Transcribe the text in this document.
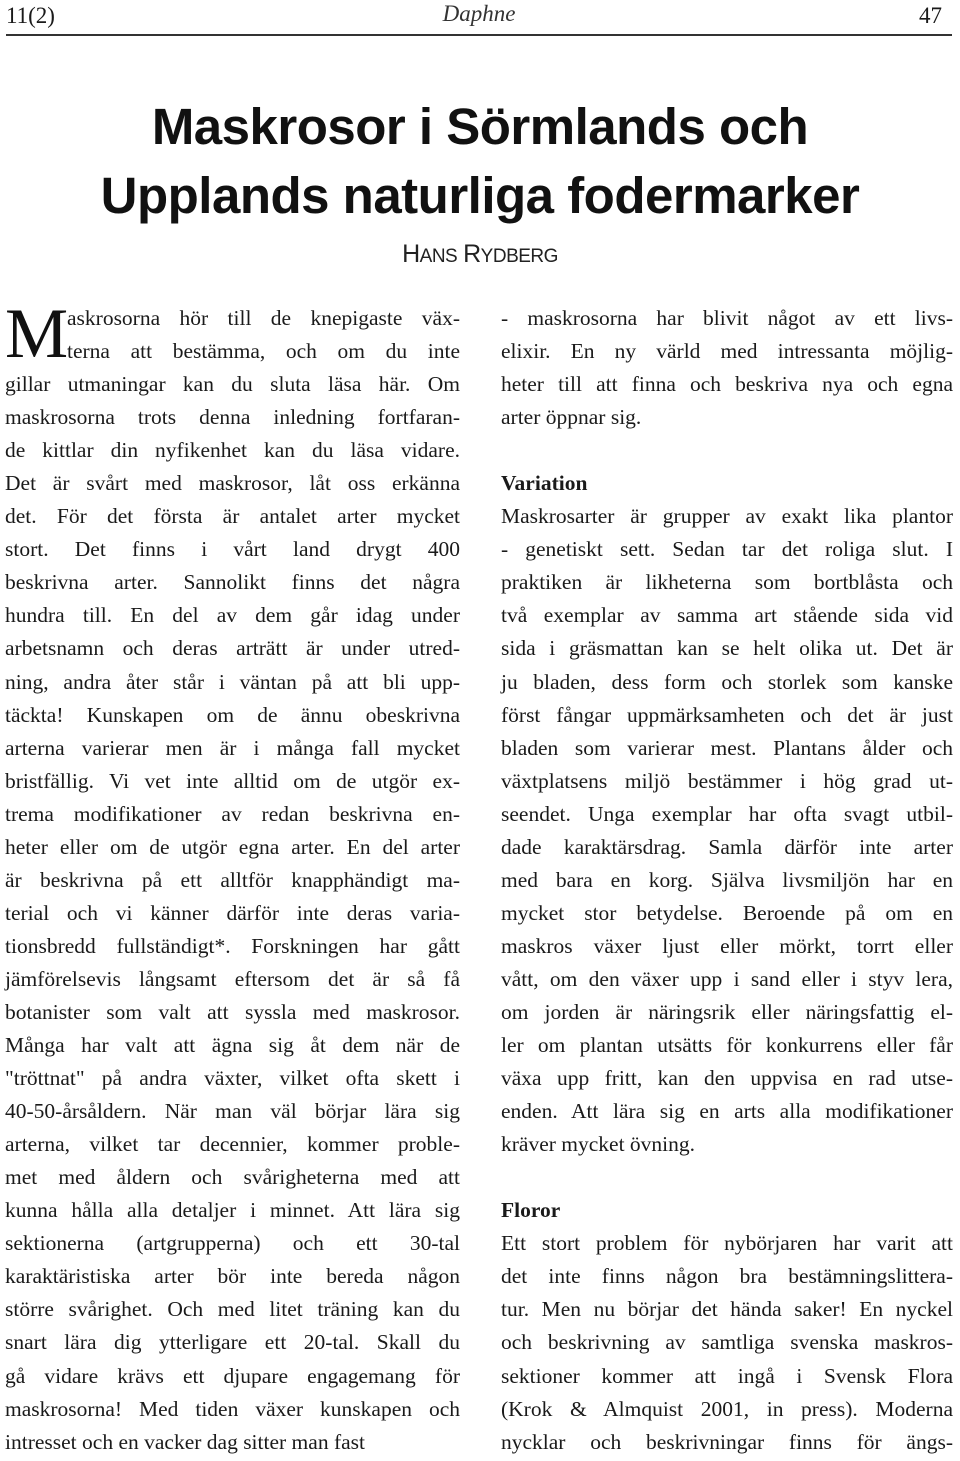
11(2)	Daphne	47
Maskrosor i Sörmlands och
Upplands naturliga fodermarker
HANS RYDBERG
M
askrosorna hör till de knepigaste väx-
terna att bestämma, och om du inte
gillar utmaningar kan du sluta läsa här. Om
maskrosorna trots denna inledning fortfaran-
de kittlar din nyfikenhet kan du läsa vidare.
Det är svårt med maskrosor, låt oss erkänna
det. För det första är antalet arter mycket
stort. Det finns i vårt land drygt 400
beskrivna arter. Sannolikt finns det några
hundra till. En del av dem går idag under
arbetsnamn och deras arträtt är under utred-
ning, andra åter står i väntan på att bli upp-
täckta! Kunskapen om de ännu obeskrivna
arterna varierar men är i många fall mycket
bristfällig. Vi vet inte alltid om de utgör ex-
trema modifikationer av redan beskrivna en-
heter eller om de utgör egna arter. En del arter
är beskrivna på ett alltför knapphändigt ma-
terial och vi känner därför inte deras varia-
tionsbredd fullständigt*. Forskningen har gått
jämförelsevis långsamt eftersom det är så få
botanister som valt att syssla med maskrosor.
Många har valt att ägna sig åt dem när de
"tröttnat" på andra växter, vilket ofta skett i
40-50-årsåldern. När man väl börjar lära sig
arterna, vilket tar decennier, kommer proble-
met med åldern och svårigheterna med att
kunna hålla alla detaljer i minnet. Att lära sig
sektionerna (artgrupperna) och ett 30-tal
karaktäristiska arter bör inte bereda någon
större svårighet. Och med litet träning kan du
snart lära dig ytterligare ett 20-tal. Skall du
gå vidare krävs ett djupare engagemang för
maskrosorna! Med tiden växer kunskapen och
intresset och en vacker dag sitter man fast
- maskrosorna har blivit något av ett livs-
elixir. En ny värld med intressanta möjlig-
heter till att finna och beskriva nya och egna
arter öppnar sig.
Variation
Maskrosarter är grupper av exakt lika plantor
- genetiskt sett. Sedan tar det roliga slut. I
praktiken är likheterna som bortblåsta och
två exemplar av samma art stående sida vid
sida i gräsmattan kan se helt olika ut. Det är
ju bladen, dess form och storlek som kanske
först fångar uppmärksamheten och det är just
bladen som varierar mest. Plantans ålder och
växtplatsens miljö bestämmer i hög grad ut-
seendet. Unga exemplar har ofta svagt utbil-
dade karaktärsdrag. Samla därför inte arter
med bara en korg. Själva livsmiljön har en
mycket stor betydelse. Beroende på om en
maskros växer ljust eller mörkt, torrt eller
vått, om den växer upp i sand eller i styv lera,
om jorden är näringsrik eller näringsfattig el-
ler om plantan utsätts för konkurrens eller får
växa upp fritt, kan den uppvisa en rad utse-
enden. Att lära sig en arts alla modifikationer
kräver mycket övning.
Floror
Ett stort problem för nybörjaren har varit att
det inte finns någon bra bestämningslittera-
tur. Men nu börjar det hända saker! En nyckel
och beskrivning av samtliga svenska maskros-
sektioner kommer att ingå i Svensk Flora
(Krok & Almquist 2001, in press). Moderna
nycklar och beskrivningar finns för ängs-
